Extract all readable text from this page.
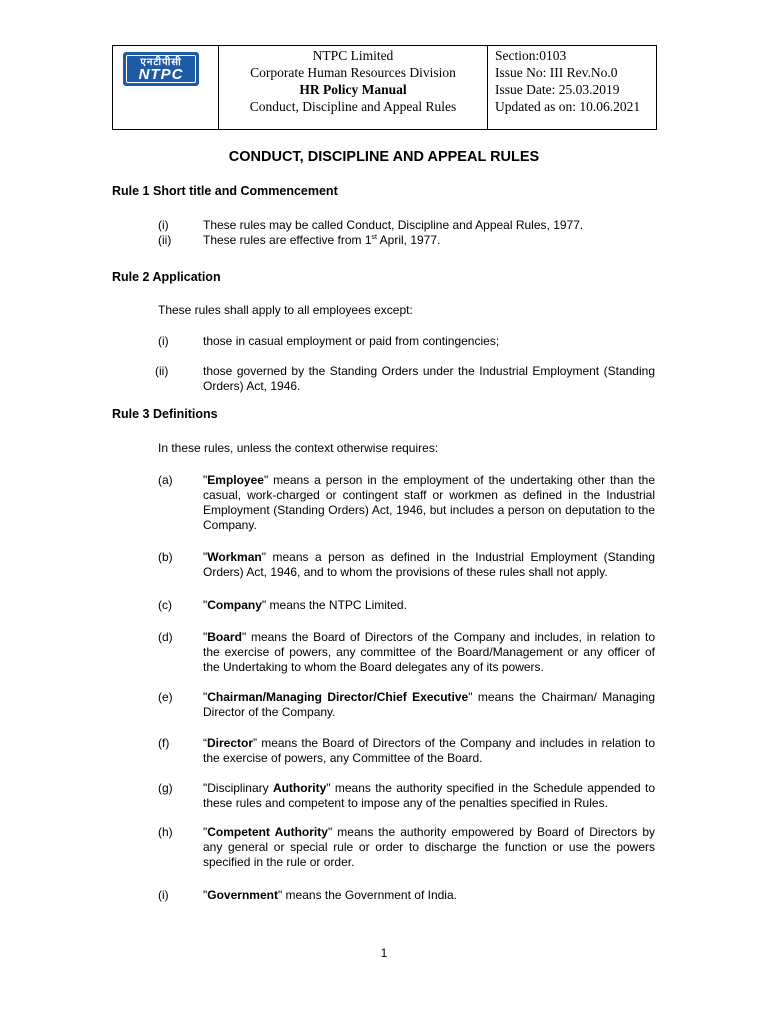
एनटीपीसी
NTPC
NTPC Limited
Corporate Human Resources Division
HR Policy Manual
Conduct, Discipline and Appeal Rules
Section:0103
Issue No: III Rev.No.0
Issue Date: 25.03.2019
Updated as on: 10.06.2021
CONDUCT, DISCIPLINE AND APPEAL RULES
Rule 1 Short title and Commencement
(i)	These rules may be called Conduct, Discipline and Appeal Rules, 1977.
(ii)	These rules are effective from 1st April, 1977.
Rule 2 Application
These rules shall apply to all employees except:
(i)	those in casual employment or paid from contingencies;
(ii)	those governed by the Standing Orders under the Industrial Employment (Standing Orders) Act, 1946.
Rule 3 Definitions
In these rules, unless the context otherwise requires:
(a)	"Employee" means a person in the employment of the undertaking other than the casual, work-charged or contingent staff or workmen as defined in the Industrial Employment (Standing Orders) Act, 1946, but includes a person on deputation to the Company.
(b)	"Workman" means a person as defined in the Industrial Employment (Standing Orders) Act, 1946, and to whom the provisions of these rules shall not apply.
(c)	"Company" means the NTPC Limited.
(d)	"Board" means the Board of Directors of the Company and includes, in relation to the exercise of powers, any committee of the Board/Management or any officer of the Undertaking to whom the Board delegates any of its powers.
(e)	"Chairman/Managing Director/Chief Executive" means the Chairman/ Managing Director of the Company.
(f)	“Director” means the Board of Directors of the Company and includes in relation to the exercise of powers, any Committee of the Board.
(g)	"Disciplinary Authority" means the authority specified in the Schedule appended to these rules and competent to impose any of the penalties specified in Rules.
(h)	"Competent Authority" means the authority empowered by Board of Directors by any general or special rule or order to discharge the function or use the powers specified in the rule or order.
(i)	"Government" means the Government of India.
1
